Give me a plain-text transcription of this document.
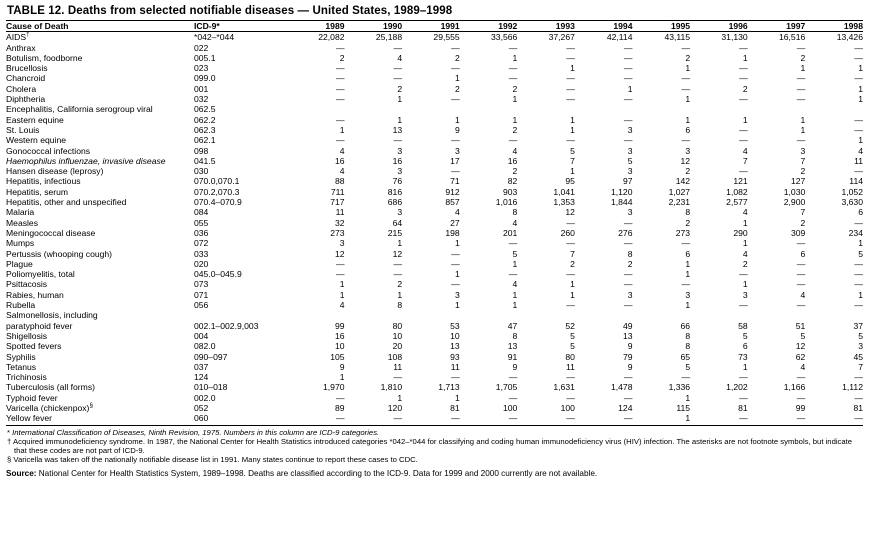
TABLE 12. Deaths from selected notifiable diseases — United States, 1989–1998
Cause of Death	ICD-9*	1989	1990	1991	1992	1993	1994	1995	1996	1997	1998
AIDS†	*042–*044	22,082	25,188	29,555	33,566	37,267	42,114	43,115	31,130	16,516	13,426
Anthrax	022	—	—	—	—	—	—	—	—	—	—
Botulism, foodborne	005.1	2	4	2	1	—	—	2	1	2	—
Brucellosis	023	—	—	—	—	1	—	1	—	1	1
Chancroid	099.0	—	—	1	—	—	—	—	—	—	—
Cholera	001	—	2	2	2	—	1	—	2	—	1
Diphtheria	032	—	1	—	1	—	—	1	—	—	1
Encephalitis, California serogroup viral	062.5										
Eastern equine	062.2	—	1	1	1	1	—	1	1	1	—
St. Louis	062.3	1	13	9	2	1	3	6	—	1	—
Western equine	062.1	—	—	—	—	—	—	—	—	—	1
Gonococcal infections	098	4	3	3	4	5	3	3	4	3	4
Haemophilus influenzae, invasive disease	041.5	16	16	17	16	7	5	12	7	7	11
Hansen disease (leprosy)	030	4	3	—	2	1	3	2	—	2	—
Hepatitis, infectious	070.0,070.1	88	76	71	82	95	97	142	121	127	114
Hepatitis, serum	070.2,070.3	711	816	912	903	1,041	1,120	1,027	1,082	1,030	1,052
Hepatitis, other and unspecified	070.4–070.9	717	686	857	1,016	1,353	1,844	2,231	2,577	2,900	3,630
Malaria	084	11	3	4	8	12	3	8	4	7	6
Measles	055	32	64	27	4	—	—	2	1	2	—
Meningococcal disease	036	273	215	198	201	260	276	273	290	309	234
Mumps	072	3	1	1	—	—	—	—	1	—	1
Pertussis (whooping cough)	033	12	12	—	5	7	8	6	4	6	5
Plague	020	—	—	—	1	2	2	1	2	—	—
Poliomyelitis, total	045.0–045.9	—	—	1	—	—	—	1	—	—	—
Psittacosis	073	1	2	—	4	1	—	—	1	—	—
Rabies, human	071	1	1	3	1	1	3	3	3	4	1
Rubella	056	4	8	1	1	—	—	1	—	—	—
Salmonellosis, including											
paratyphoid fever	002.1–002.9,003	99	80	53	47	52	49	66	58	51	37
Shigellosis	004	16	10	10	8	5	13	8	5	5	5
Spotted fevers	082.0	10	20	13	13	5	9	8	6	12	3
Syphilis	090–097	105	108	93	91	80	79	65	73	62	45
Tetanus	037	9	11	11	9	11	9	5	1	4	7
Trichinosis	124	1	—	—	—	—	—	—	—	—	—
Tuberculosis (all forms)	010–018	1,970	1,810	1,713	1,705	1,631	1,478	1,336	1,202	1,166	1,112
Typhoid fever	002.0	—	1	1	—	—	—	1	—	—	—
Varicella (chickenpox)§	052	89	120	81	100	100	124	115	81	99	81
Yellow fever	060	—	—	—	—	—	—	1	—	—	—
* International Classification of Diseases, Ninth Revision, 1975. Numbers in this column are ICD-9 categories.
† Acquired immunodeficiency syndrome. In 1987, the National Center for Health Statistics introduced categories *042–*044 for classifying and coding human immunodeficiency virus (HIV) infection. The asterisks are not footnote symbols, but indicate that these codes are not part of ICD-9.
§ Varicella was taken off the nationally notifiable disease list in 1991. Many states continue to report these cases to CDC.
Source: National Center for Health Statistics System, 1989–1998. Deaths are classified according to the ICD-9. Data for 1999 and 2000 currently are not available.
